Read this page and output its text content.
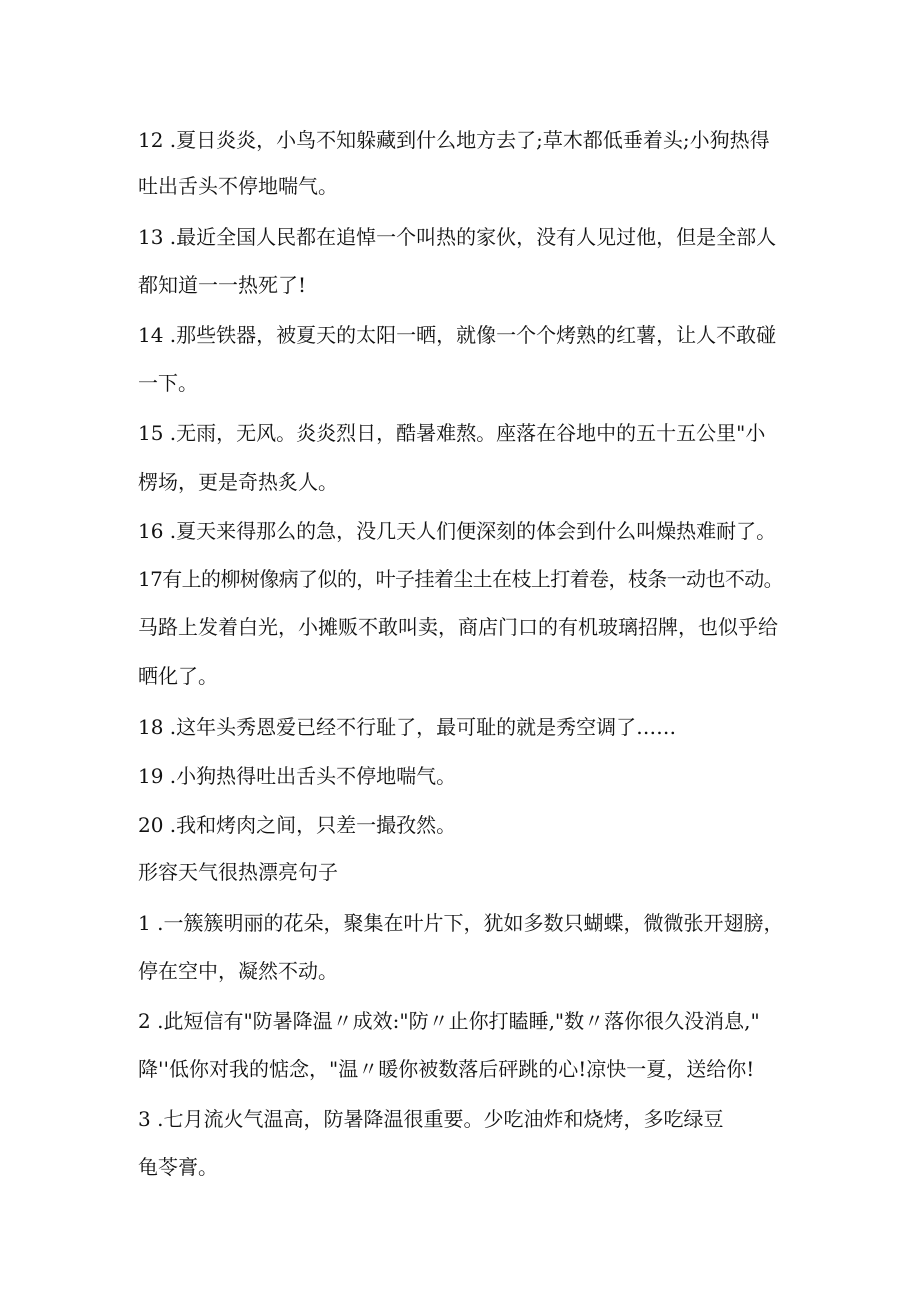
12 .夏日炎炎，小鸟不知躲藏到什么地方去了;草木都低垂着头;小狗热得
吐出舌头不停地喘气。
13 .最近全国人民都在追悼一个叫热的家伙，没有人见过他，但是全部人
都知道一一热死了!
14 .那些铁器，被夏天的太阳一晒，就像一个个烤熟的红薯，让人不敢碰
一下。
15 .无雨，无风。炎炎烈日，酷暑难熬。座落在谷地中的五十五公里"小
楞场，更是奇热炙人。
16 .夏天来得那么的急，没几天人们便深刻的体会到什么叫燥热难耐了。
17有上的柳树像病了似的，叶子挂着尘土在枝上打着卷，枝条一动也不动。
马路上发着白光，小摊贩不敢叫卖，商店门口的有机玻璃招牌，也似乎给
晒化了。
18 .这年头秀恩爱已经不行耻了，最可耻的就是秀空调了……
19 .小狗热得吐出舌头不停地喘气。
20 .我和烤肉之间，只差一撮孜然。
形容天气很热漂亮句子
1 .一簇簇明丽的花朵，聚集在叶片下，犹如多数只蝴蝶，微微张开翅膀，
停在空中，凝然不动。
2 .此短信有"防暑降温〃成效:"防〃止你打瞌睡,"数〃落你很久没消息,"
降''低你对我的惦念，"温〃暖你被数落后砰跳的心!凉快一夏，送给你!
3 .七月流火气温高，防暑降温很重要。少吃油炸和烧烤，多吃绿豆
龟苓膏。
